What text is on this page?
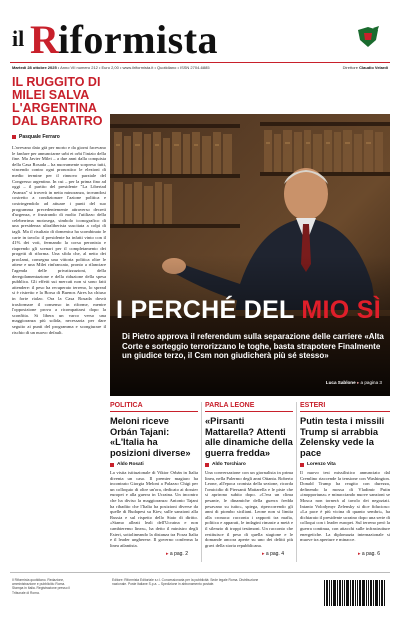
il R iformista
Martedì 28 ottobre 2025 • Anno VII numero 212 • Euro 2,00 • www.ilriformista.it • Quotidiano • ISSN 2704-6885	Direttore Claudio Velardi
IL RUGGITO DI MILEI SALVA L'ARGENTINA DAL BARATRO
Pasquale Ferraro
L'avevano dato già per morto e da giorni facevano le fanfare per annunciarne urbi et orbi l'inizio della fine. Ma Javier Milei – a due anni dalla conquista della Casa Rosada – ha nuovamente sorpreso tutti, vincendo contro ogni pronostico le elezioni di medio termine per il rinnovo parziale del Congresso argentino. In cui – per la prima fino ad oggi – il partito del presidente "La Libertad Avanza" si troverà in netta minoranza, trovandosi costretto a condizionare l'azione politica e costringendolo ad attuare i punti del suo programma precedentemente attraverso decreti d'urgenza, e frustrando di molto l'utilizzo della celeberrima motosega, simbolo iconografico di una presidenza ultraliberista suscitata a colpi di tagli. Ma il risultato di domenica ha scombinato le carte in tavola: il presidente ha infatti vinto con il 41% dei voti, fermando la corsa peronista e riaprendo gli scenari per il completamento dei progetti di riforma. Una sfida che, al netto dei proclami, consegna una vittoria politica oltre le attese e una Milei rinfrancato, pronto a rilanciare l'agenda delle privatizzazioni, della deregolamentazione e della riduzione della spesa pubblica. Gli effetti sui mercati non si sono fatti attendere: il peso ha recuperato terreno, lo spread si è ristretto e la Borsa di Buenos Aires ha chiuso in forte rialzo. Ora la Casa Rosada dovrà trasformare il consenso in riforme, mentre l'opposizione prova a ricompattarsi dopo la sconfitta. Si libera un varco verso una maggioranza più solida, necessaria per dare seguito ai punti del programma e scongiurare il rischio di un nuovo default.
I PERCHÉ DEL MIO SÌ
Di Pietro approva il referendum sulla separazione delle carriere «Alta Corte e sorteggio terrorizzano le toghe, basta strapotere Finalmente un giudice terzo, il Csm non giudicherà più sé stesso»
Luca Sablone ▸ a pagina 3
POLITICA
Meloni riceve Orbán Tajani: «L'Italia ha posizioni diverse»
Aldo Rosati
La visita istituzionale di Viktor Orbán in Italia diventa un caso. Il premier magiaro ha incontrato Giorgia Meloni a Palazzo Chigi per un colloquio di oltre un'ora, dedicato ai dossier europei e alla guerra in Ucraina. Un incontro che ha diviso la maggioranza: Antonio Tajani ha ribadito che l'Italia ha posizioni diverse da quelle di Budapest su Kiev, sulle sanzioni alla Russia e sul rispetto dello Stato di diritto. «Siamo alleati leali dell'Ucraina e non cambieremo linea», ha detto il ministro degli Esteri, sottolineando la distanza tra Forza Italia e il leader ungherese. Il governo conferma la linea atlantista.
PARLA LEONE
«Pirsanti Mattarella? Attenti alle dinamiche della guerra fredda»
Aldo Torchiaro
Una conversazione con un giornalista in prima linea, nella Palermo degli anni Ottanta. Roberto Leone, all'epoca cronista della sezione, ricorda l'omicidio di Piersanti Mattarella e le piste che si aprirono subito dopo. «C'era un clima pesante, le dinamiche della guerra fredda pesavano su tutto», spiega, ripercorrendo gli anni di piombo siciliani. Leone non si limita alla cronaca: racconta i rapporti tra mafia, politica e apparati, le indagini rimaste a metà e il silenzio di troppi testimoni. Un racconto che restituisce il peso di quella stagione e le domande ancora aperte su uno dei delitti più gravi della storia repubblicana.
ESTERI
Putin testa i missili Trump si arrabbia Zelensky vede la pace
Lorenzo Vita
Il nuovo test missilistico annunciato dal Cremlino riaccende la tensione con Washington. Donald Trump ha reagito con durezza, definendo la mossa di Vladimir Putin «inopportuna» e minacciando nuove sanzioni se Mosca non tornerà al tavolo dei negoziati. Intanto Volodymyr Zelensky si dice fiducioso: «La pace è più vicina di quanto sembri», ha dichiarato il presidente ucraino dopo una serie di colloqui con i leader europei. Sul terreno però la guerra continua, con attacchi sulle infrastrutture energetiche. La diplomazia internazionale si muove tra aperture e minacce.
▸ a pag. 2	▸ a pag. 4	▸ a pag. 6
Il Riformista quotidiano. Redazione, amministrazione e pubblicità: Roma. Stampa in Italia. Registrazione presso il Tribunale di Roma.
Editore: Riformista Editoriale s.r.l. Concessionaria per la pubblicità: Sede legale Roma. Distribuzione nazionale. Poste italiane S.p.a. – Spedizione in abbonamento postale.
